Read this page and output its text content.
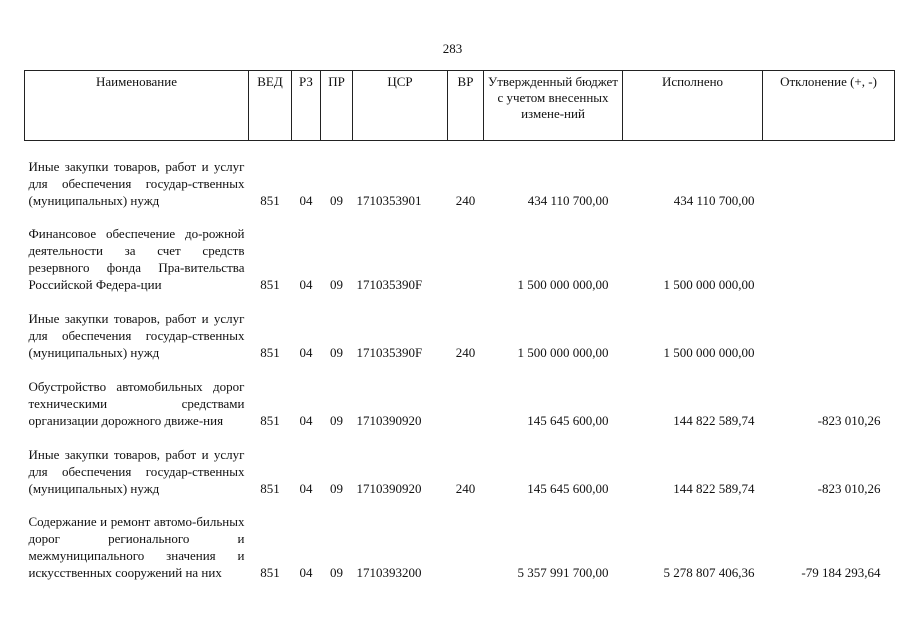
283
Наименование	ВЕД	РЗ	ПР	ЦСР	ВР	Утвержденный бюджет с учетом внесенных измене-ний	Исполнено	Отклонение (+, -)
Иные закупки товаров, работ и услуг для обеспечения государ-ственных (муниципальных) нужд	851	04	09	1710353901	240	434 110 700,00	434 110 700,00	
Финансовое обеспечение до-рожной деятельности за счет средств резервного фонда Пра-вительства Российской Федера-ции	851	04	09	171035390F		1 500 000 000,00	1 500 000 000,00	
Иные закупки товаров, работ и услуг для обеспечения государ-ственных (муниципальных) нужд	851	04	09	171035390F	240	1 500 000 000,00	1 500 000 000,00	
Обустройство автомобильных дорог техническими средствами организации дорожного движе-ния	851	04	09	1710390920		145 645 600,00	144 822 589,74	-823 010,26
Иные закупки товаров, работ и услуг для обеспечения государ-ственных (муниципальных) нужд	851	04	09	1710390920	240	145 645 600,00	144 822 589,74	-823 010,26
Содержание и ремонт автомо-бильных дорог регионального и межмуниципального значения и искусственных сооружений на них	851	04	09	1710393200		5 357 991 700,00	5 278 807 406,36	-79 184 293,64
